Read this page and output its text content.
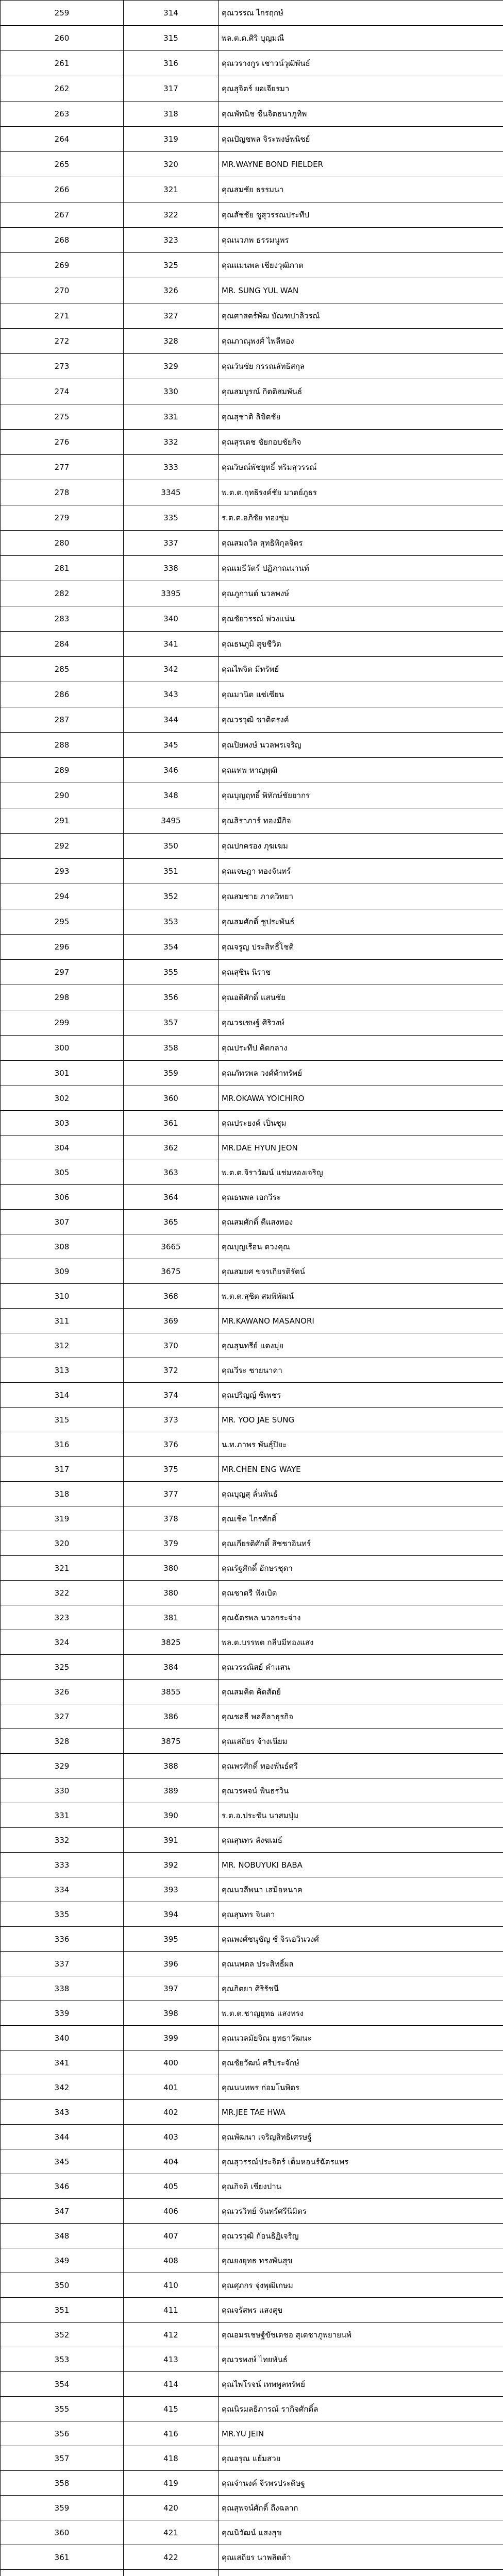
259	314	คุณวรรณ ไกรฤกษ์
260	315	พล.ต.ต.ศิริ บุญมณี
261	316	คุณวรางกูร เชาวน์วุฒิพันธ์
262	317	คุณสุจิตร์ ยอเจียรมา
263	318	คุณพัทนิช ชื่นจิตธนาภูทิพ
264	319	คุณปัญชพล จิระพงษ์พนิชย์
265	320	MR.WAYNE BOND FIELDER
266	321	คุณสมชัย ธรรมนา
267	322	คุณสัชชัย ชูสุวรรณประทีป
268	323	คุณนวภพ ธรรมนูพร
269	325	คุณแมนพล เชียงวุฒิภาต
270	326	MR. SUNG YUL WAN
271	327	คุณศาสตร์พัฒ บัณฑปาลิวรณ์
272	328	คุณภาณุพงศ์ ไพลีทอง
273	329	คุณวันชัย กรรณลัทธิสกุล
274	330	คุณสมบูรณ์ กิตติสมพันธ์
275	331	คุณสุชาติ ลิขิตชัย
276	332	คุณสุรเดช ชัยกอบชัยกิจ
277	333	คุณวิษณ์พัชยุทธิ์ หริมสุวรรณ์
278	3345	พ.ต.ต.ฤทธิรงค์ชัย มาตย์ภูธร
279	335	ร.ต.ต.อภิชัย ทองชุ่ม
280	337	คุณสมถวิล สุทธิพิกุลจิตร
281	338	คุณเมธีวัตร์ ปฏิภาณนานท์
282	3395	คุณภูกานต์ นวลพงษ์
283	340	คุณชัยวรรณ์ พ่วงแน่น
284	341	คุณธนภูมิ สุขชีวิต
285	342	คุณไพจิต มีทรัพย์
286	343	คุณมานิต แซ่เซียน
287	344	คุณวรวุฒิ ชาติตรงค์
288	345	คุณปิยพงษ์ นวลพรเจริญ
289	346	คุณเทพ หาญพุฒิ
290	348	คุณบุญฤทธิ์ พิทักษ์ชัยยากร
291	3495	คุณสิราภาร์ ทองมีกิจ
292	350	คุณปกครอง ภุฆเฆม
293	351	คุณเจษฎา ทองจันทร์
294	352	คุณสมชาย ภาควิทยา
295	353	คุณสมศักดิ์ ชูประพันธ์
296	354	คุณจรูญ ประสิทธิ์โชติ
297	355	คุณสุชิน นิราช
298	356	คุณอดิศักดิ์ แสนชัย
299	357	คุณวรเชษฐ์ ศิริวงษ์
300	358	คุณประทีป คิดกลาง
301	359	คุณภัทรพล วงศ์ค้าทรัพย์
302	360	MR.OKAWA YOICHIRO
303	361	คุณประยงค์ เปิ่นชุม
304	362	MR.DAE HYUN JEON
305	363	พ.ต.ต.จิราวัฒน์ แช่มทองเจริญ
306	364	คุณธนพล เอกวีระ
307	365	คุณสมศักดิ์ ดีแสงทอง
308	3665	คุณบุญเรือน ดวงคุณ
309	3675	คุณสมยศ ขจรเกียรติรัตน์
310	368	พ.ต.ต.สุชิต สมพิพัฒน์
311	369	MR.KAWANO MASANORI
312	370	คุณสุนทรีย์ แดงมุ่ย
313	372	คุณวีระ ชายนาคา
314	374	คุณปริญญ์ ชีเพชร
315	373	MR. YOO JAE SUNG
316	376	น.ท.ภาพร พันธุ์ปิยะ
317	375	MR.CHEN ENG WAYE
318	377	คุณบุญสุ ลั่นพันธ์
319	378	คุณเชิด ไกรศักดิ์
320	379	คุณเกียรติศักดิ์ สิชชาอินทร์
321	380	คุณรัฐศักดิ์ อักษรชุดา
322	380	คุณชาตรี ฟังเบิด
323	381	คุณฉัตรพล นวลกระจ่าง
324	3825	พล.ต.บรรพต กลีบมีทองแสง
325	384	คุณวรรณิสย์ คำแสน
326	3855	คุณสมคิด คิดสัตย์
327	386	คุณชลธี พลคีลาธุรกิจ
328	3875	คุณเสถียร จ้างเนียม
329	388	คุณพรศักดิ์ ทองพันธ์ศรี
330	389	คุณวรพจน์ พินธรวิน
331	390	ร.ต.อ.ประชัน นาสมปุ่ม
332	391	คุณสุนทร สังฆเมธ์
333	392	MR. NOBUYUKI BABA
334	393	คุณนวลีพนา เสมือหนาค
335	394	คุณสุนทร จินดา
336	395	คุณพงศ์ชนุชัญ ช์ จิรเอวินวงศ์
337	396	คุณนพดล ประสิทธิ์ผล
338	397	คุณกิตยา ศิริรัชนี
339	398	พ.ต.ต.ชาญยุทธ แสงทรง
340	399	คุณนวลมัยจิณ ยุทธาวัฒนะ
341	400	คุณชัยวัฒน์ ศรีประจักษ์
342	401	คุณนนทพร ก่อมโนพิตร
343	402	MR.JEE TAE HWA
344	403	คุณพัฒนา เจริญสิทธิเศรษฐ์
345	404	คุณสุวรรณ์ประจิตร์ เต็มหอนร์ฉัตรแพร
346	405	คุณกิจติ เชียงปาน
347	406	คุณวรวิทย์ จันทร์ศรีนิมิตร
348	407	คุณวรวุฒิ ก้อนธิฏิเจริญ
349	408	คุณยงยุทธ ทรงพันสุข
350	410	คุณศุภกร จุ่งพุฒิเกษม
351	411	คุณจรัสพร แสงสุข
352	412	คุณอมรเชษฐ์ขัชเดชอ สุเดชาภูพยายนพ์
353	413	คุณวรพงษ์ ไทยพันธ์
354	414	คุณไพโรจน์ เทพพูลทรัพย์
355	415	คุณนิรมลธิภารณ์ รากิจศักดิ์ล
356	416	MR.YU JEIN
357	418	คุณอรุณ แย้มสวย
358	419	คุณจำนงค์ จีรพรประดิษฐ
359	420	คุณสุพจน์ศักดิ์ ถึงฉลาก
360	421	คุณนิวัฒน์ แสงสุข
361	422	คุณเสถียร นาพลิตต้า
